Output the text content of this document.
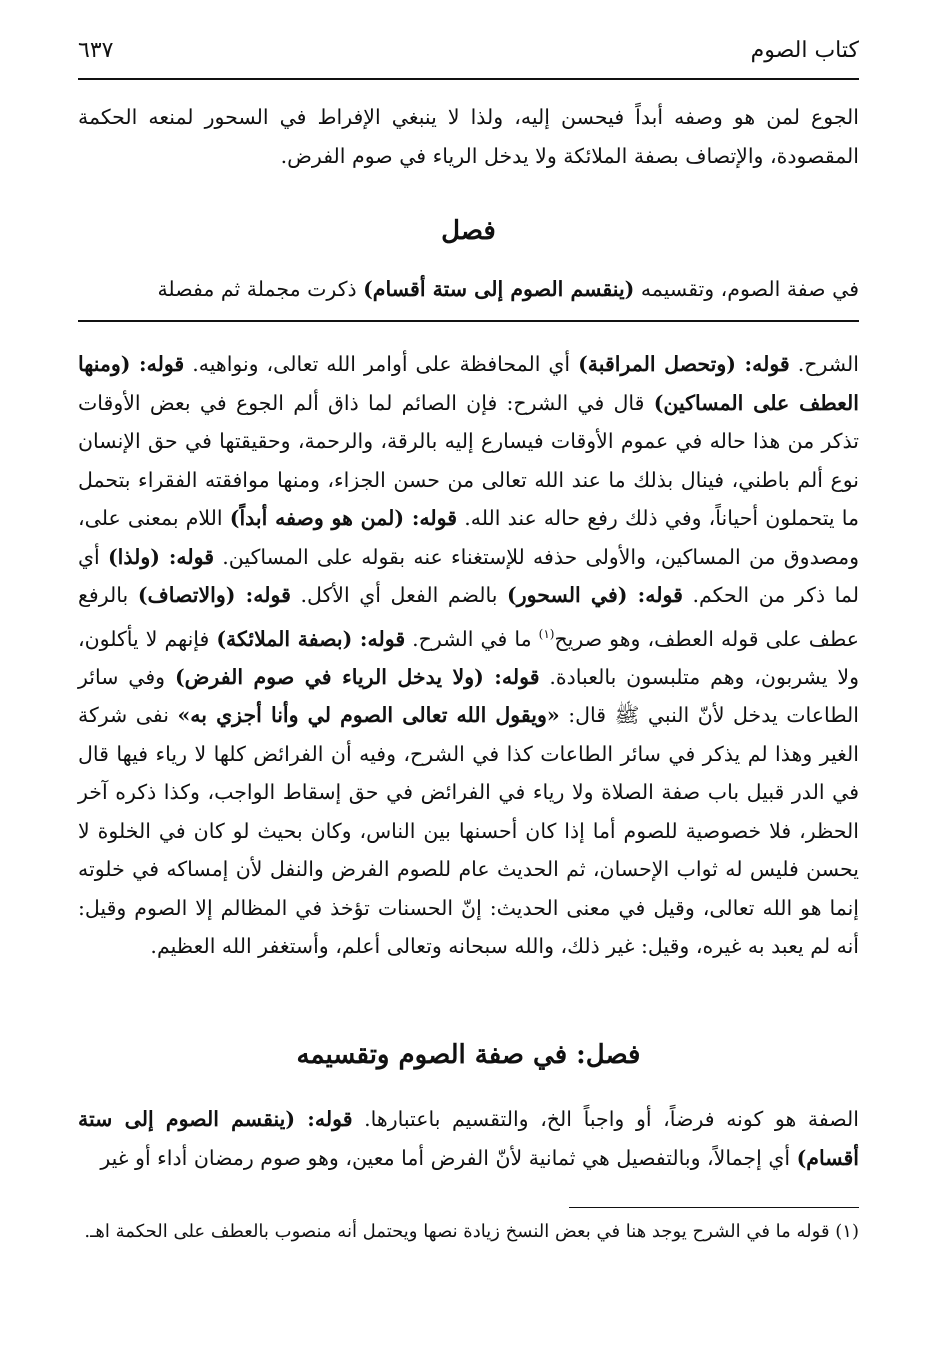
كتاب الصوم
٦٣٧

الجوع لمن هو وصفه أبداً فيحسن إليه، ولذا لا ينبغي الإفراط في السحور لمنعه الحكمة المقصودة، والإتصاف بصفة الملائكة ولا يدخل الرياء في صوم الفرض.

فصل

في صفة الصوم، وتقسيمه (ينقسم الصوم إلى ستة أقسام) ذكرت مجملة ثم مفصلة

الشرح. قوله: (وتحصل المراقبة) أي المحافظة على أوامر الله تعالى، ونواهيه. قوله: (ومنها العطف على المساكين) قال في الشرح: فإن الصائم لما ذاق ألم الجوع في بعض الأوقات تذكر من هذا حاله في عموم الأوقات فيسارع إليه بالرقة، والرحمة، وحقيقتها في حق الإنسان نوع ألم باطني، فينال بذلك ما عند الله تعالى من حسن الجزاء، ومنها موافقته الفقراء بتحمل ما يتحملون أحياناً، وفي ذلك رفع حاله عند الله. قوله: (لمن هو وصفه أبداً) اللام بمعنى على، ومصدوق من المساكين، والأولى حذفه للإستغناء عنه بقوله على المساكين. قوله: (ولذا) أي لما ذكر من الحكم. قوله: (في السحور) بالضم الفعل أي الأكل. قوله: (والاتصاف) بالرفع عطف على قوله العطف، وهو صريح$^{(١)}$ ما في الشرح. قوله: (بصفة الملائكة) فإنهم لا يأكلون، ولا يشربون، وهم متلبسون بالعبادة. قوله: (ولا يدخل الرياء في صوم الفرض) وفي سائر الطاعات يدخل لأنّ النبي ﷺ قال: «ويقول الله تعالى الصوم لي وأنا أجزي به» نفى شركة الغير وهذا لم يذكر في سائر الطاعات كذا في الشرح، وفيه أن الفرائض كلها لا رياء فيها قال في الدر قبيل باب صفة الصلاة ولا رياء في الفرائض في حق إسقاط الواجب، وكذا ذكره آخر الحظر، فلا خصوصية للصوم أما إذا كان أحسنها بين الناس، وكان بحيث لو كان في الخلوة لا يحسن فليس له ثواب الإحسان، ثم الحديث عام للصوم الفرض والنفل لأن إمساكه في خلوته إنما هو الله تعالى، وقيل في معنى الحديث: إنّ الحسنات تؤخذ في المظالم إلا الصوم وقيل: أنه لم يعبد به غيره، وقيل: غير ذلك، والله سبحانه وتعالى أعلم، وأستغفر الله العظيم.

فصل: في صفة الصوم وتقسيمه

الصفة هو كونه فرضاً، أو واجباً الخ، والتقسيم باعتبارها. قوله: (ينقسم الصوم إلى ستة أقسام) أي إجمالاً، وبالتفصيل هي ثمانية لأنّ الفرض أما معين، وهو صوم رمضان أداء أو غير

(١) قوله ما في الشرح يوجد هنا في بعض النسخ زيادة نصها ويحتمل أنه منصوب بالعطف على الحكمة اهـ.
